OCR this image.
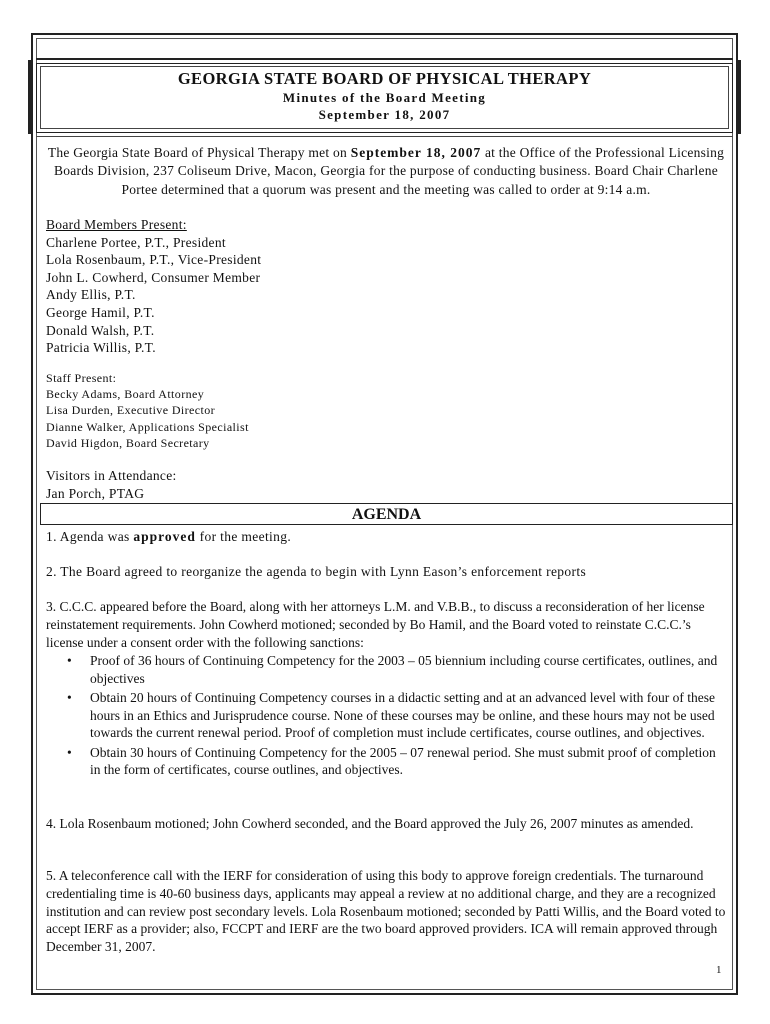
GEORGIA STATE BOARD OF PHYSICAL THERAPY
Minutes of the Board Meeting
September 18, 2007

The Georgia State Board of Physical Therapy met on September 18, 2007 at the Office of the Professional Licensing Boards Division, 237 Coliseum Drive, Macon, Georgia for the purpose of conducting business. Board Chair Charlene Portee determined that a quorum was present and the meeting was called to order at 9:14 a.m.

Board Members Present:
Charlene Portee, P.T., President
Lola Rosenbaum, P.T., Vice-President
John L. Cowherd, Consumer Member
Andy Ellis, P.T.
George Hamil, P.T.
Donald Walsh, P.T.
Patricia Willis, P.T.
Staff Present:
Becky Adams, Board Attorney
Lisa Durden, Executive Director
Dianne Walker, Applications Specialist
David Higdon, Board Secretary
Visitors in Attendance:
Jan Porch, PTAG
AGENDA

1. Agenda was approved for the meeting.

2. The Board agreed to reorganize the agenda to begin with Lynn Eason’s enforcement reports

3. C.C.C. appeared before the Board, along with her attorneys L.M. and V.B.B., to discuss a reconsideration of her license reinstatement requirements. John Cowherd motioned; seconded by Bo Hamil, and the Board voted to reinstate C.C.C.’s license under a consent order with the following sanctions:

• Proof of 36 hours of Continuing Competency for the 2003 – 05 biennium including course certificates, outlines, and objectives
• Obtain 20 hours of Continuing Competency courses in a didactic setting and at an advanced level with four of these hours in an Ethics and Jurisprudence course. None of these courses may be online, and these hours may not be used towards the current renewal period. Proof of completion must include certificates, course outlines, and objectives.
• Obtain 30 hours of Continuing Competency for the 2005 – 07 renewal period. She must submit proof of completion in the form of certificates, course outlines, and objectives.

4. Lola Rosenbaum motioned; John Cowherd seconded, and the Board approved the July 26, 2007 minutes as amended.

5. A teleconference call with the IERF for consideration of using this body to approve foreign credentials. The turnaround credentialing time is 40-60 business days, applicants may appeal a review at no additional charge, and they are a recognized institution and can review post secondary levels. Lola Rosenbaum motioned; seconded by Patti Willis, and the Board voted to accept IERF as a provider; also, FCCPT and IERF are the two board approved providers. ICA will remain approved through December 31, 2007.

1
